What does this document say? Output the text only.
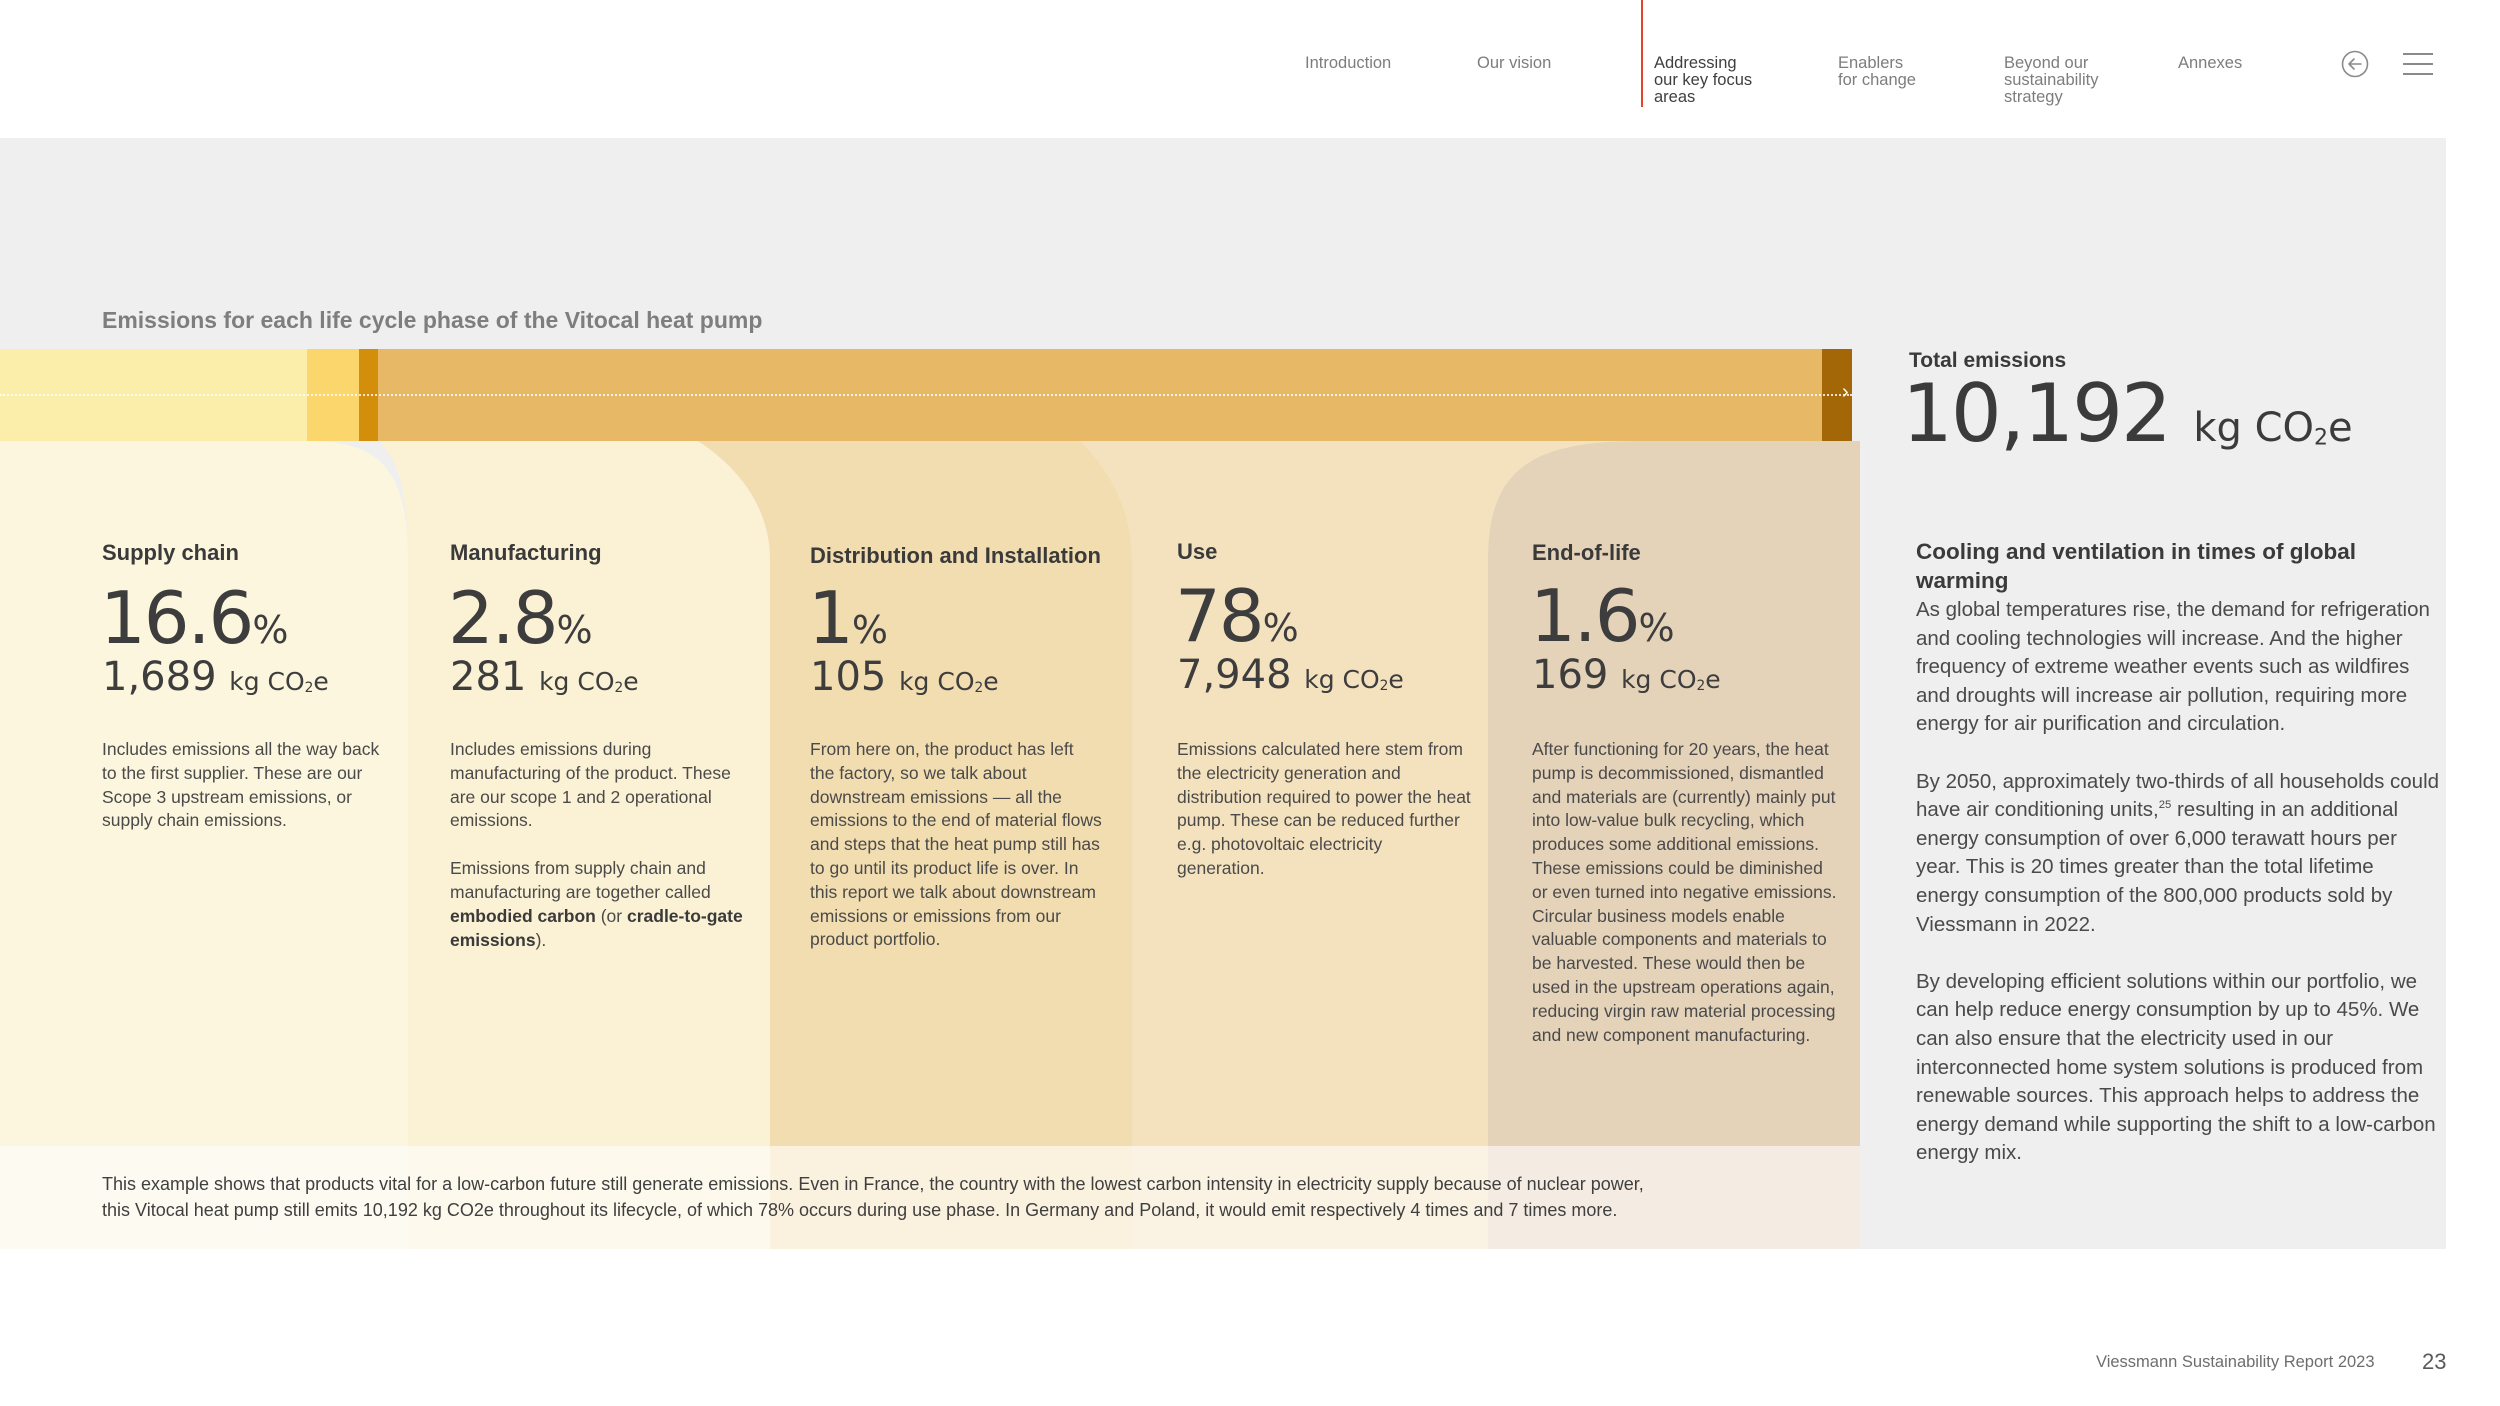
Introduction	Our vision	Addressing
our key focus
areas
Enablers
for change
Beyond our
sustainability
strategy
Annexes
Emissions for each life cycle phase of the Vitocal heat pump
›
Supply chain
16.6%
1,689 kg $CO_2e$

Includes emissions all the way back to the first supplier. These are our Scope 3 upstream emissions, or supply chain emissions.

Manufacturing
2.8%
281 kg $CO_2e$

Includes emissions during manufacturing of the product. These are our scope 1 and 2 operational emissions.

Emissions from supply chain and manufacturing are together called embodied carbon (or cradle-to-gate emissions).

Distribution and Installation
1%
105 kg $CO_2e$

From here on, the product has left the factory, so we talk about downstream emissions — all the emissions to the end of material flows and steps that the heat pump still has to go until its product life is over. In this report we talk about downstream emissions or emissions from our product portfolio.

Use
78%
7,948 kg $CO_2e$

Emissions calculated here stem from the electricity generation and distribution required to power the heat pump. These can be reduced further e.g. photovoltaic electricity generation.

End-of-life
1.6%
169 kg $CO_2e$

After functioning for 20 years, the heat pump is decommissioned, dismantled and materials are (currently) mainly put into low-value bulk recycling, which produces some additional emissions. These emissions could be diminished or even turned into negative emissions. Circular business models enable valuable components and materials to be harvested. These would then be used in the upstream operations again, reducing virgin raw material processing and new component manufacturing.

This example shows that products vital for a low-carbon future still generate emissions. Even in France, the country with the lowest carbon intensity in electricity supply because of nuclear power,
this Vitocal heat pump still emits 10,192 kg CO2e throughout its lifecycle, of which 78% occurs during use phase. In Germany and Poland, it would emit respectively 4 times and 7 times more.
Total emissions
10,192 kg $CO_2e$
Cooling and ventilation in times of global warming

As global temperatures rise, the demand for refrigeration and cooling technologies will increase. And the higher frequency of extreme weather events such as wildfires and droughts will increase air pollution, requiring more energy for air purification and circulation.

By 2050, approximately two-thirds of all households could have air conditioning units,$^{25}$ resulting in an additional energy consumption of over 6,000 terawatt hours per year. This is 20 times greater than the total lifetime energy consumption of the 800,000 products sold by Viessmann in 2022.

By developing efficient solutions within our portfolio, we can help reduce energy consumption by up to 45%. We can also ensure that the electricity used in our interconnected home system solutions is produced from renewable sources. This approach helps to address the energy demand while supporting the shift to a low-carbon energy mix.

Viessmann Sustainability Report 2023 23
